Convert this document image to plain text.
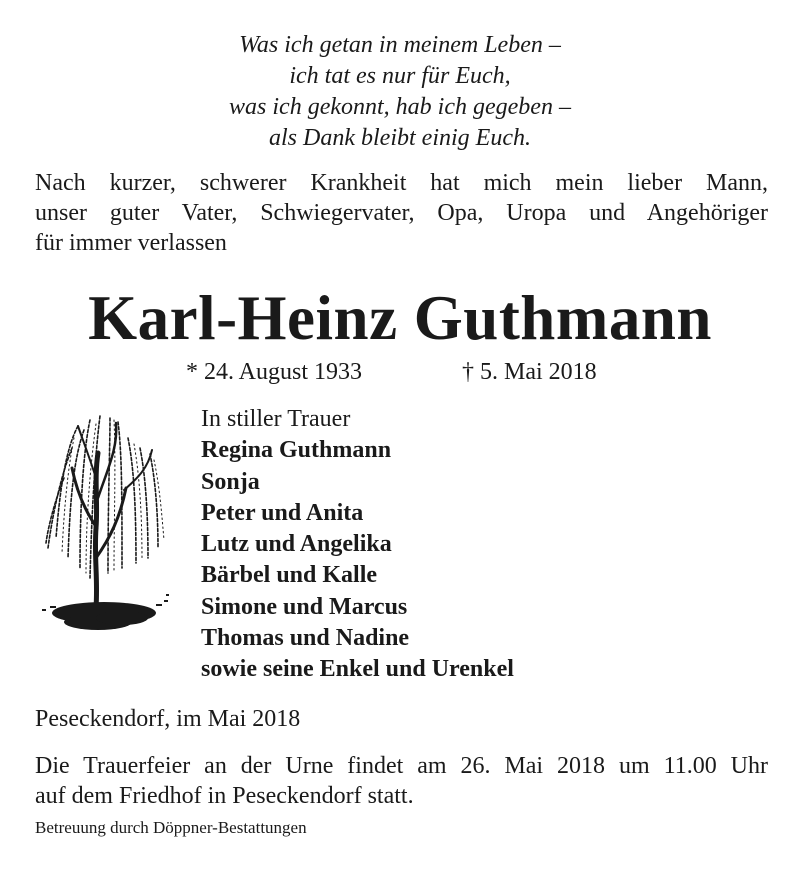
Was ich getan in meinem Leben –
ich tat es nur für Euch,
was ich gekonnt, hab ich gegeben –
als Dank bleibt einig Euch.
Nach kurzer, schwerer Krankheit hat mich mein lieber Mann,
unser guter Vater, Schwiegervater, Opa, Uropa und Angehöriger
für immer verlassen
Karl-Heinz Guthmann
* 24. August 1933	† 5. Mai 2018
In stiller Trauer
Regina Guthmann
Sonja
Peter und Anita
Lutz und Angelika
Bärbel und Kalle
Simone und Marcus
Thomas und Nadine
sowie seine Enkel und Urenkel
Peseckendorf, im Mai 2018
Die Trauerfeier an der Urne findet am 26. Mai 2018 um 11.00 Uhr
auf dem Friedhof in Peseckendorf statt.
Betreuung durch Döppner-Bestattungen
